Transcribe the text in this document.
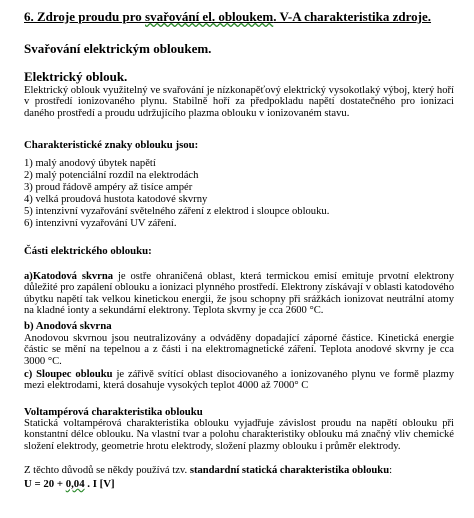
6. Zdroje proudu pro svařování el. obloukem. V-A charakteristika zdroje.
Svařování elektrickým obloukem.
Elektrický oblouk.
Elektrický oblouk využitelný ve svařování je nízkonapěťový elektrický vysokotlaký výboj, který hoří v prostředí ionizovaného plynu. Stabilně hoří za předpokladu napětí dostatečného pro ionizaci daného prostředí a proudu udržujícího plazma oblouku v ionizovaném stavu.
Charakteristické znaky oblouku jsou:
1) malý anodový úbytek napětí
2) malý potenciální rozdíl na elektrodách
3) proud řádově ampéry až tisíce ampér
4) velká proudová hustota katodové skvrny
5) intenzivní vyzařování světelného záření z elektrod i sloupce oblouku.
6) intenzivní vyzařování UV záření.
Části elektrického oblouku:
a)Katodová skvrna je ostře ohraničená oblast, která termickou emisí emituje prvotní elektrony důležité pro zapálení oblouku a ionizaci plynného prostředí. Elektrony získávají v oblasti katodového úbytku napětí tak velkou kinetickou energii, že jsou schopny při srážkách ionizovat neutrální atomy na kladné ionty a sekundární elektrony. Teplota skvrny je cca 2600 °C.
b) Anodová skvrna
Anodovou skvrnou jsou neutralizovány a odváděny dopadající záporné částice. Kinetická energie částic se mění na tepelnou a z části i na elektromagnetické záření. Teplota anodové skvrny je cca 3000 °C.
c) Sloupec oblouku je zářivě svítící oblast disociovaného a ionizovaného plynu ve formě plazmy mezi elektrodami, která dosahuje vysokých teplot 4000 až 7000° C
Voltampérová charakteristika oblouku
Statická voltampérová charakteristika oblouku vyjadřuje závislost proudu na napětí oblouku při konstantní délce oblouku. Na vlastní tvar a polohu charakteristiky oblouku má značný vliv chemické složení elektrody, geometrie hrotu elektrody, složení plazmy oblouku i průměr elektrody.
Z těchto důvodů se někdy používá tzv. standardní statická charakteristika oblouku:
U = 20 + 0,04 . I [V]
